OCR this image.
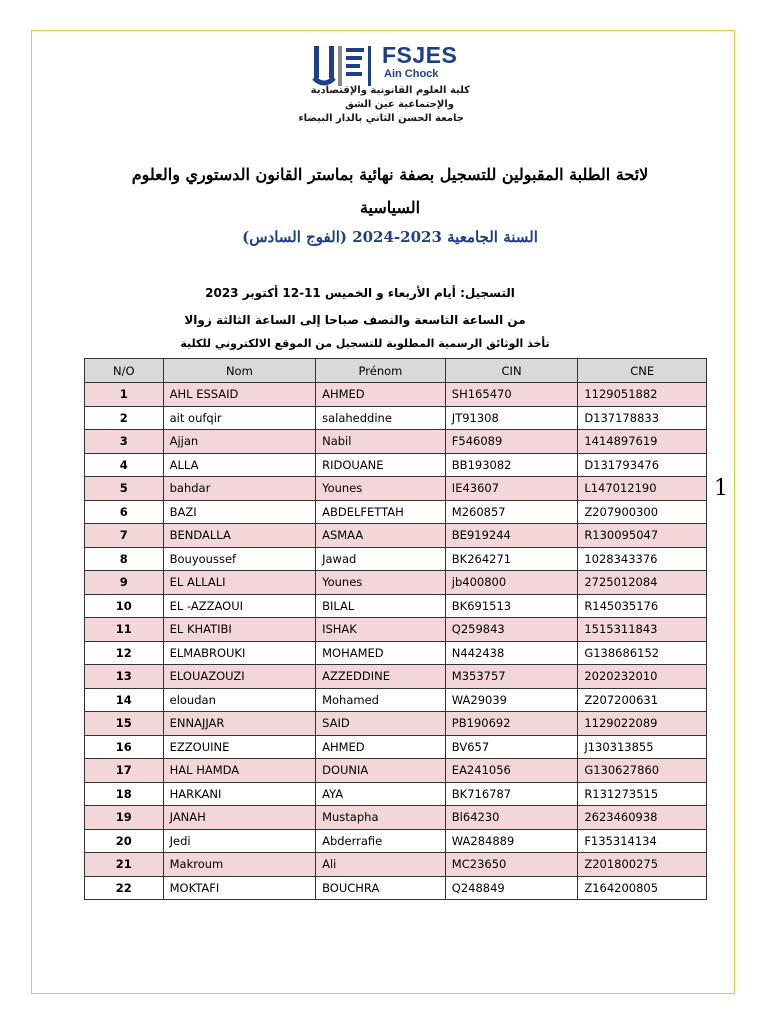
FSJES
Ain Chock
كلية العلوم القانونية والإقتصادية
والإجتماعية عين الشق
جامعة الحسن الثاني بالدار البيضاء
لائحة الطلبة المقبولين للتسجيل بصفة نهائية بماستر القانون الدستوري والعلوم
السياسية
السنة الجامعية 2023-2024 (الفوج السادس)
التسجيل: أيام الأربعاء و الخميس 11-12 أكتوبر 2023
من الساعة التاسعة والنصف صباحا إلى الساعة الثالثة زوالا
تأخذ الوثائق الرسمية المطلوبة للتسجيل من الموقع الالكتروني للكلية
1
N/O	Nom	Prénom	CIN	CNE
1	AHL ESSAID	AHMED	SH165470	1129051882
2	ait oufqir	salaheddine	JT91308	D137178833
3	Ajjan	Nabil	F546089	1414897619
4	ALLA	RIDOUANE	BB193082	D131793476
5	bahdar	Younes	IE43607	L147012190
6	BAZI	ABDELFETTAH	M260857	Z207900300
7	BENDALLA	ASMAA	BE919244	R130095047
8	Bouyoussef	Jawad	BK264271	1028343376
9	EL ALLALI	Younes	jb400800	2725012084
10	EL -AZZAOUI	BILAL	BK691513	R145035176
11	EL KHATIBI	ISHAK	Q259843	1515311843
12	ELMABROUKI	MOHAMED	N442438	G138686152
13	ELOUAZOUZI	AZZEDDINE	M353757	2020232010
14	eloudan	Mohamed	WA29039	Z207200631
15	ENNAJJAR	SAID	PB190692	1129022089
16	EZZOUINE	AHMED	BV657	J130313855
17	HAL HAMDA	DOUNIA	EA241056	G130627860
18	HARKANI	AYA	BK716787	R131273515
19	JANAH	Mustapha	Bl64230	2623460938
20	Jedi	Abderrafie	WA284889	F135314134
21	Makroum	Ali	MC23650	Z201800275
22	MOKTAFI	BOUCHRA	Q248849	Z164200805
